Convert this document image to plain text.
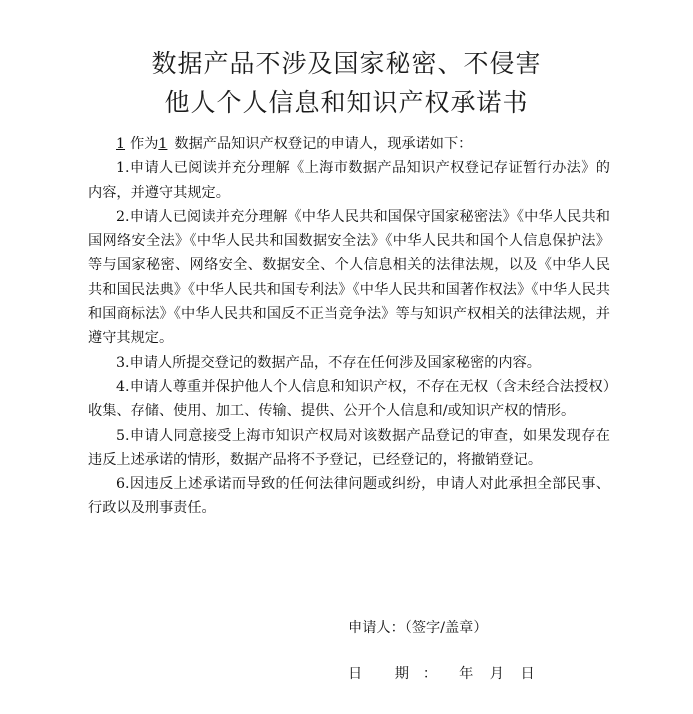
数据产品不涉及国家秘密、不侵害
他人个人信息和知识产权承诺书

1 作为1 数据产品知识产权登记的申请人，现承诺如下：

1.申请人已阅读并充分理解《上海市数据产品知识产权登记存证暂行办法》的内容，并遵守其规定。

2.申请人已阅读并充分理解《中华人民共和国保守国家秘密法》《中华人民共和国网络安全法》《中华人民共和国数据安全法》《中华人民共和国个人信息保护法》等与国家秘密、网络安全、数据安全、个人信息相关的法律法规，以及《中华人民共和国民法典》《中华人民共和国专利法》《中华人民共和国著作权法》《中华人民共和国商标法》《中华人民共和国反不正当竞争法》等与知识产权相关的法律法规，并遵守其规定。

3.申请人所提交登记的数据产品，不存在任何涉及国家秘密的内容。

4.申请人尊重并保护他人个人信息和知识产权，不存在无权（含未经合法授权）收集、存储、使用、加工、传输、提供、公开个人信息和/或知识产权的情形。

5.申请人同意接受上海市知识产权局对该数据产品登记的审查，如果发现存在违反上述承诺的情形，数据产品将不予登记，已经登记的，将撤销登记。

6.因违反上述承诺而导致的任何法律问题或纠纷，申请人对此承担全部民事、行政以及刑事责任。

申请人：（签字/盖章）
日 期： 年 月 日
